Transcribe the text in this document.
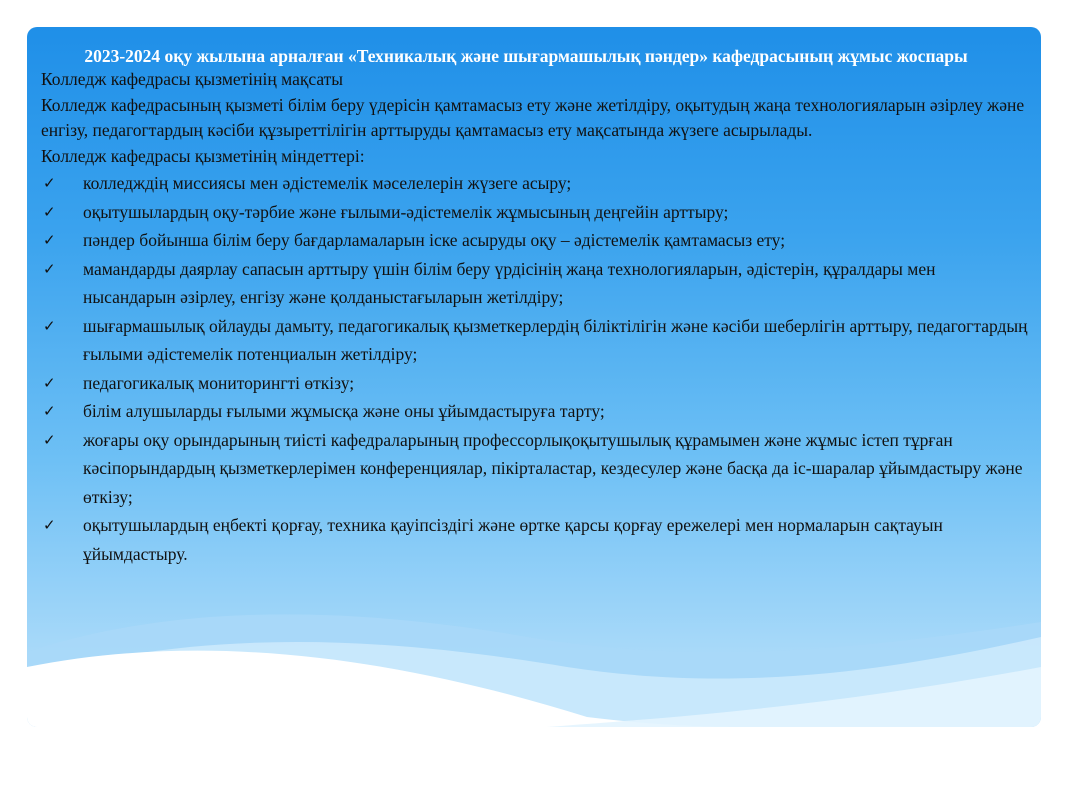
2023-2024 оқу жылына арналған «Техникалық және шығармашылық пәндер» кафедрасының жұмыс жоспары

Колледж кафедрасы қызметінің мақсаты

Колледж кафедрасының қызметі білім беру үдерісін қамтамасыз ету және жетілдіру, оқытудың жаңа технологияларын әзірлеу және енгізу, педагогтардың кәсіби құзыреттілігін арттыруды қамтамасыз ету мақсатында жүзеге асырылады.

Колледж кафедрасы қызметінің міндеттері:

✓ колледждің миссиясы мен әдістемелік мәселелерін жүзеге асыру;
✓ оқытушылардың оқу-тәрбие және ғылыми-әдістемелік жұмысының деңгейін арттыру;
✓ пәндер бойынша білім беру бағдарламаларын іске асыруды оқу – әдістемелік қамтамасыз ету;
✓ мамандарды даярлау сапасын арттыру үшін білім беру үрдісінің жаңа технологияларын, әдістерін, құралдары мен нысандарын әзірлеу, енгізу және қолданыстағыларын жетілдіру;
✓ шығармашылық ойлауды дамыту, педагогикалық қызметкерлердің біліктілігін және кәсіби шеберлігін арттыру, педагогтардың ғылыми әдістемелік потенциалын жетілдіру;
✓ педагогикалық мониторингті өткізу;
✓ білім алушыларды ғылыми жұмысқа және оны ұйымдастыруға тарту;
✓ жоғары оқу орындарының тиісті кафедраларының профессорлықоқытушылық құрамымен және жұмыс істеп тұрған кәсіпорындардың қызметкерлерімен конференциялар, пікірталастар, кездесулер және басқа да іс-шаралар ұйымдастыру және өткізу;
✓ оқытушылардың еңбекті қорғау, техника қауіпсіздігі және өртке қарсы қорғау ережелері мен нормаларын сақтауын ұйымдастыру.
